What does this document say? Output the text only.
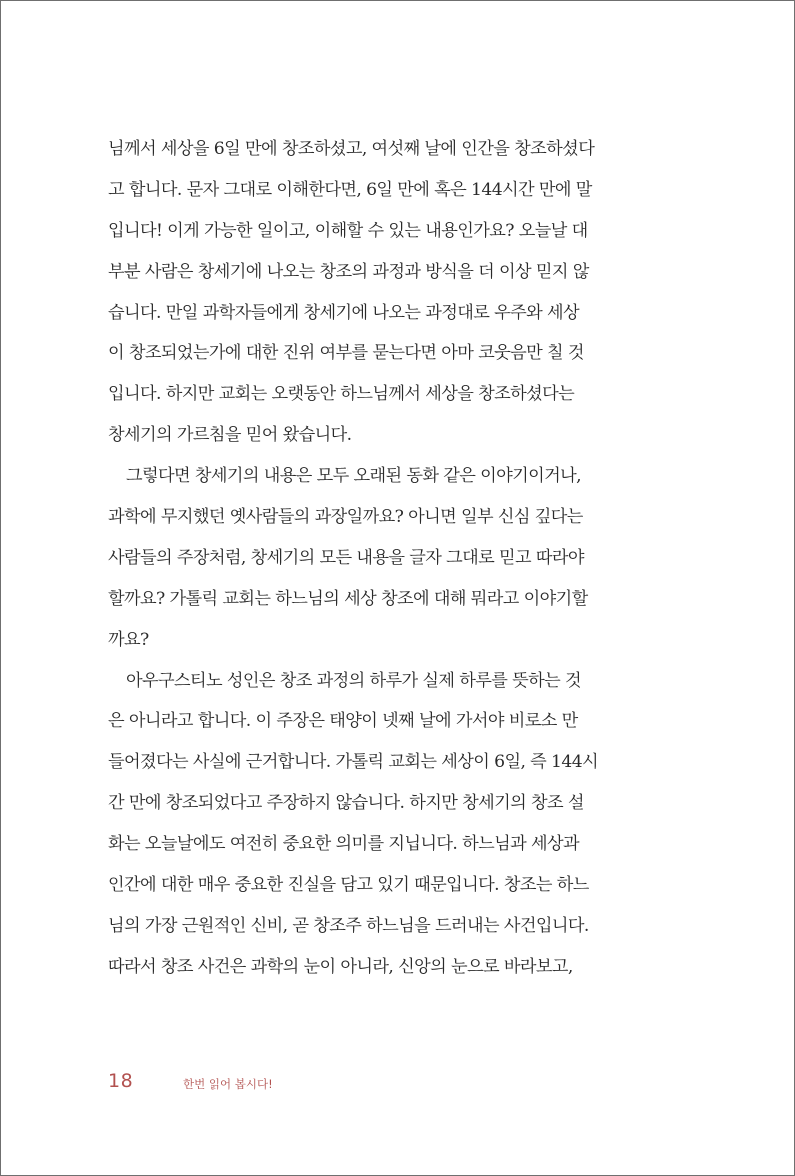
님께서 세상을 6일 만에 창조하셨고, 여섯째 날에 인간을 창조하셨다
고 합니다. 문자 그대로 이해한다면, 6일 만에 혹은 144시간 만에 말
입니다! 이게 가능한 일이고, 이해할 수 있는 내용인가요? 오늘날 대
부분 사람은 창세기에 나오는 창조의 과정과 방식을 더 이상 믿지 않
습니다. 만일 과학자들에게 창세기에 나오는 과정대로 우주와 세상
이 창조되었는가에 대한 진위 여부를 묻는다면 아마 코웃음만 칠 것
입니다. 하지만 교회는 오랫동안 하느님께서 세상을 창조하셨다는
창세기의 가르침을 믿어 왔습니다.
그렇다면 창세기의 내용은 모두 오래된 동화 같은 이야기이거나,
과학에 무지했던 옛사람들의 과장일까요? 아니면 일부 신심 깊다는
사람들의 주장처럼, 창세기의 모든 내용을 글자 그대로 믿고 따라야
할까요? 가톨릭 교회는 하느님의 세상 창조에 대해 뭐라고 이야기할
까요?
아우구스티노 성인은 창조 과정의 하루가 실제 하루를 뜻하는 것
은 아니라고 합니다. 이 주장은 태양이 넷째 날에 가서야 비로소 만
들어졌다는 사실에 근거합니다. 가톨릭 교회는 세상이 6일, 즉 144시
간 만에 창조되었다고 주장하지 않습니다. 하지만 창세기의 창조 설
화는 오늘날에도 여전히 중요한 의미를 지닙니다. 하느님과 세상과
인간에 대한 매우 중요한 진실을 담고 있기 때문입니다. 창조는 하느
님의 가장 근원적인 신비, 곧 창조주 하느님을 드러내는 사건입니다.
따라서 창조 사건은 과학의 눈이 아니라, 신앙의 눈으로 바라보고,
18	한번 읽어 봅시다!
